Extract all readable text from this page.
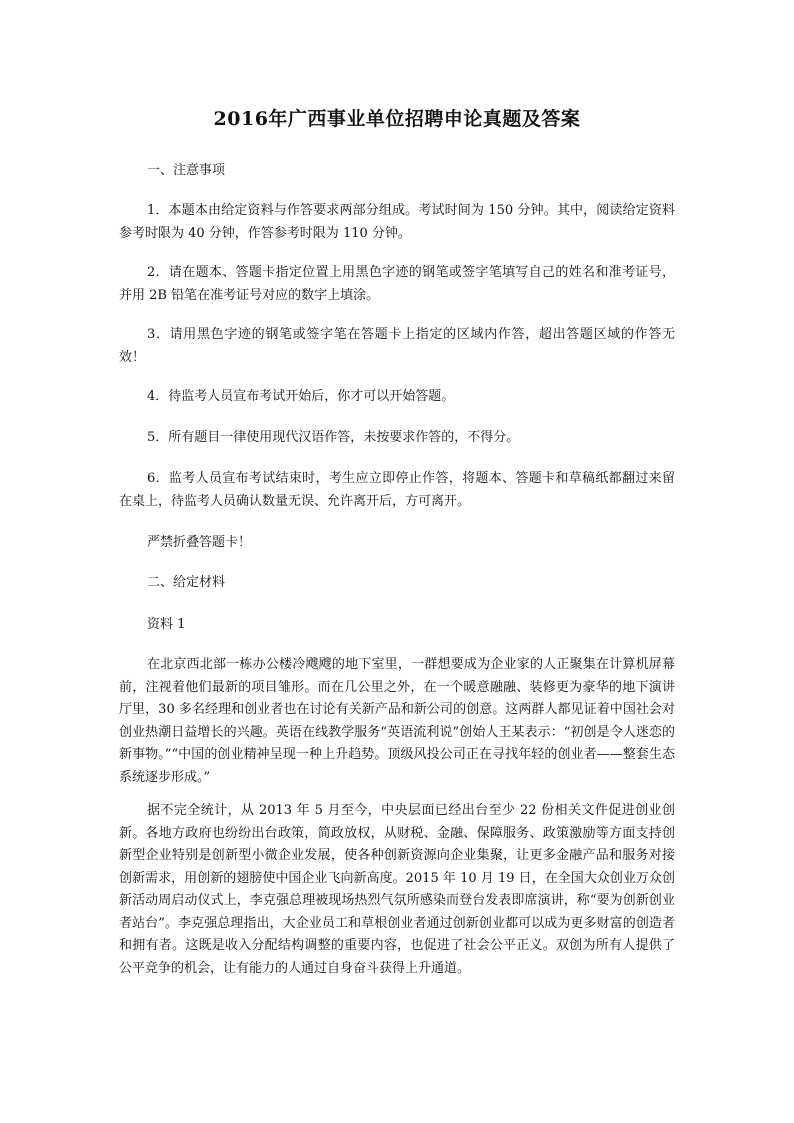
2016年广西事业单位招聘申论真题及答案

一、注意事项

1．本题本由给定资料与作答要求两部分组成。考试时间为 150 分钟。其中，阅读给定资料参考时限为 40 分钟，作答参考时限为 110 分钟。

2．请在题本、答题卡指定位置上用黑色字迹的钢笔或签字笔填写自己的姓名和准考证号，并用 2B 铅笔在准考证号对应的数字上填涂。

3．请用黑色字迹的钢笔或签字笔在答题卡上指定的区域内作答，超出答题区域的作答无效！

4．待监考人员宣布考试开始后，你才可以开始答题。

5．所有题目一律使用现代汉语作答，未按要求作答的，不得分。

6．监考人员宣布考试结束时，考生应立即停止作答，将题本、答题卡和草稿纸都翻过来留在桌上，待监考人员确认数量无误、允许离开后，方可离开。

严禁折叠答题卡！

二、给定材料

资料 1

在北京西北部一栋办公楼冷飕飕的地下室里，一群想要成为企业家的人正聚集在计算机屏幕前，注视着他们最新的项目雏形。而在几公里之外，在一个暖意融融、装修更为豪华的地下演讲厅里，30 多名经理和创业者也在讨论有关新产品和新公司的创意。这两群人都见证着中国社会对创业热潮日益增长的兴趣。英语在线教学服务“英语流利说”创始人王某表示：“初创是令人迷恋的新事物。”“中国的创业精神呈现一种上升趋势。顶级风投公司正在寻找年轻的创业者——整套生态系统逐步形成。”

据不完全统计，从 2013 年 5 月至今，中央层面已经出台至少 22 份相关文件促进创业创新。各地方政府也纷纷出台政策，简政放权，从财税、金融、保障服务、政策激励等方面支持创新型企业特别是创新型小微企业发展，使各种创新资源向企业集聚，让更多金融产品和服务对接创新需求，用创新的翅膀使中国企业飞向新高度。2015 年 10 月 19 日，在全国大众创业万众创新活动周启动仪式上，李克强总理被现场热烈气氛所感染而登台发表即席演讲，称“要为创新创业者站台”。李克强总理指出，大企业员工和草根创业者通过创新创业都可以成为更多财富的创造者和拥有者。这既是收入分配结构调整的重要内容，也促进了社会公平正义。双创为所有人提供了公平竞争的机会，让有能力的人通过自身奋斗获得上升通道。
